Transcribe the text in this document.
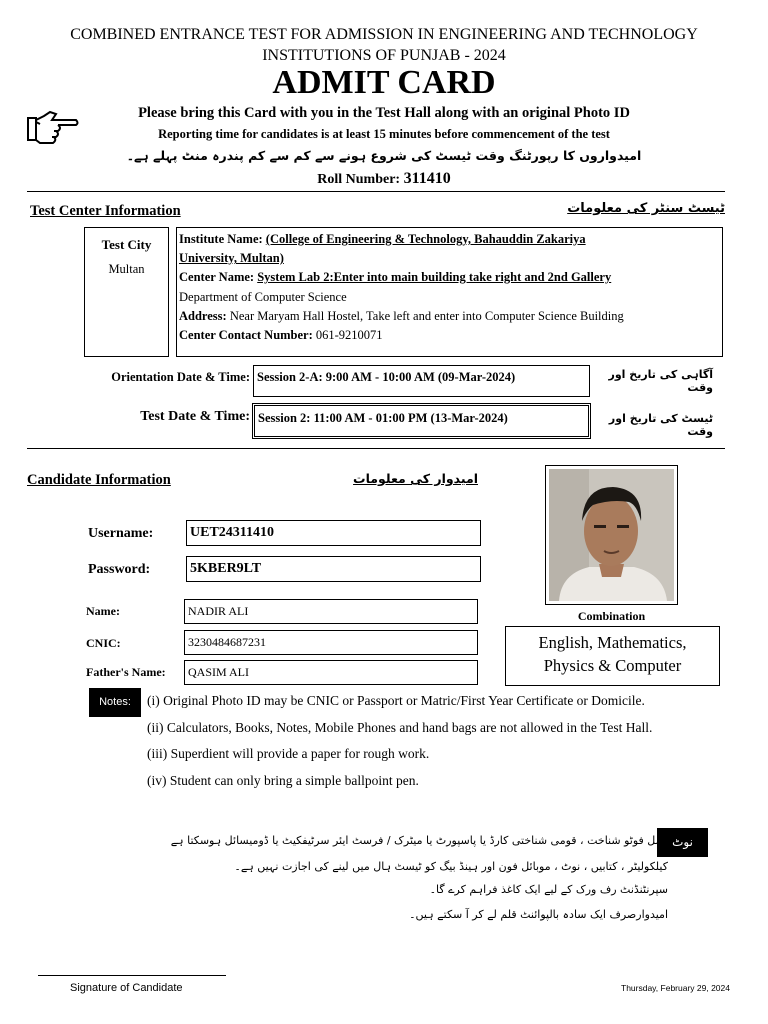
COMBINED ENTRANCE TEST FOR ADMISSION IN ENGINEERING AND TECHNOLOGY
INSTITUTIONS OF PUNJAB - 2024
ADMIT CARD
Please bring this Card with you in the Test Hall along with an original Photo ID
Reporting time for candidates is at least 15 minutes before commencement of the test
امیدواروں کا رپورٹنگ وقت ٹیسٹ کی شروع ہونے سے کم سے کم پندرہ منٹ پہلے ہے۔
Roll Number: 311410
Test Center Information	ٹیسٹ سنٹر کی معلومات
Test City
Multan
Institute Name: (College of Engineering & Technology, Bahauddin Zakariya
University, Multan)
Center Name: System Lab 2:Enter into main building take right and 2nd Gallery
Department of Computer Science
Address: Near Maryam Hall Hostel, Take left and enter into Computer Science Building
Center Contact Number: 061-9210071
Orientation Date & Time: Session 2-A: 9:00 AM - 10:00 AM (09-Mar-2024)	آگاہی کی تاریخ اور وقت
Test Date & Time: Session 2: 11:00 AM - 01:00 PM (13-Mar-2024)	ٹیسٹ کی تاریخ اور وقت
Candidate Information	امیدوار کی معلومات
Combination
English, Mathematics,
Physics & Computer
Username:	UET24311410
Password:	5KBER9LT
Name:	NADIR ALI
CNIC:	3230484687231
Father's Name:	QASIM ALI
Notes:	(i) Original Photo ID may be CNIC or Passport or Matric/First Year Certificate or Domicile.
(ii) Calculators, Books, Notes, Mobile Phones and hand bags are not allowed in the Test Hall.
(iii) Superdient will provide a paper for rough work.
(iv) Student can only bring a simple ballpoint pen.
نوٹ
اصل فوٹو شناخت ، قومی شناختی کارڈ یا پاسپورٹ یا میٹرک / فرسٹ ایئر سرٹیفکیٹ یا ڈومیسائل ہوسکتا ہے
کیلکولیٹر ، کتابیں ، نوٹ ، موبائل فون اور ہینڈ بیگ کو ٹیسٹ ہال میں لینے کی اجازت نہیں ہے۔
سپرنٹنڈنٹ رف ورک کے لیے ایک کاغذ فراہم کرے گا۔
امیدوارصرف ایک سادہ بالپوائنٹ قلم لے کر آ سکتے ہیں۔
Signature of Candidate	Thursday, February 29, 2024
